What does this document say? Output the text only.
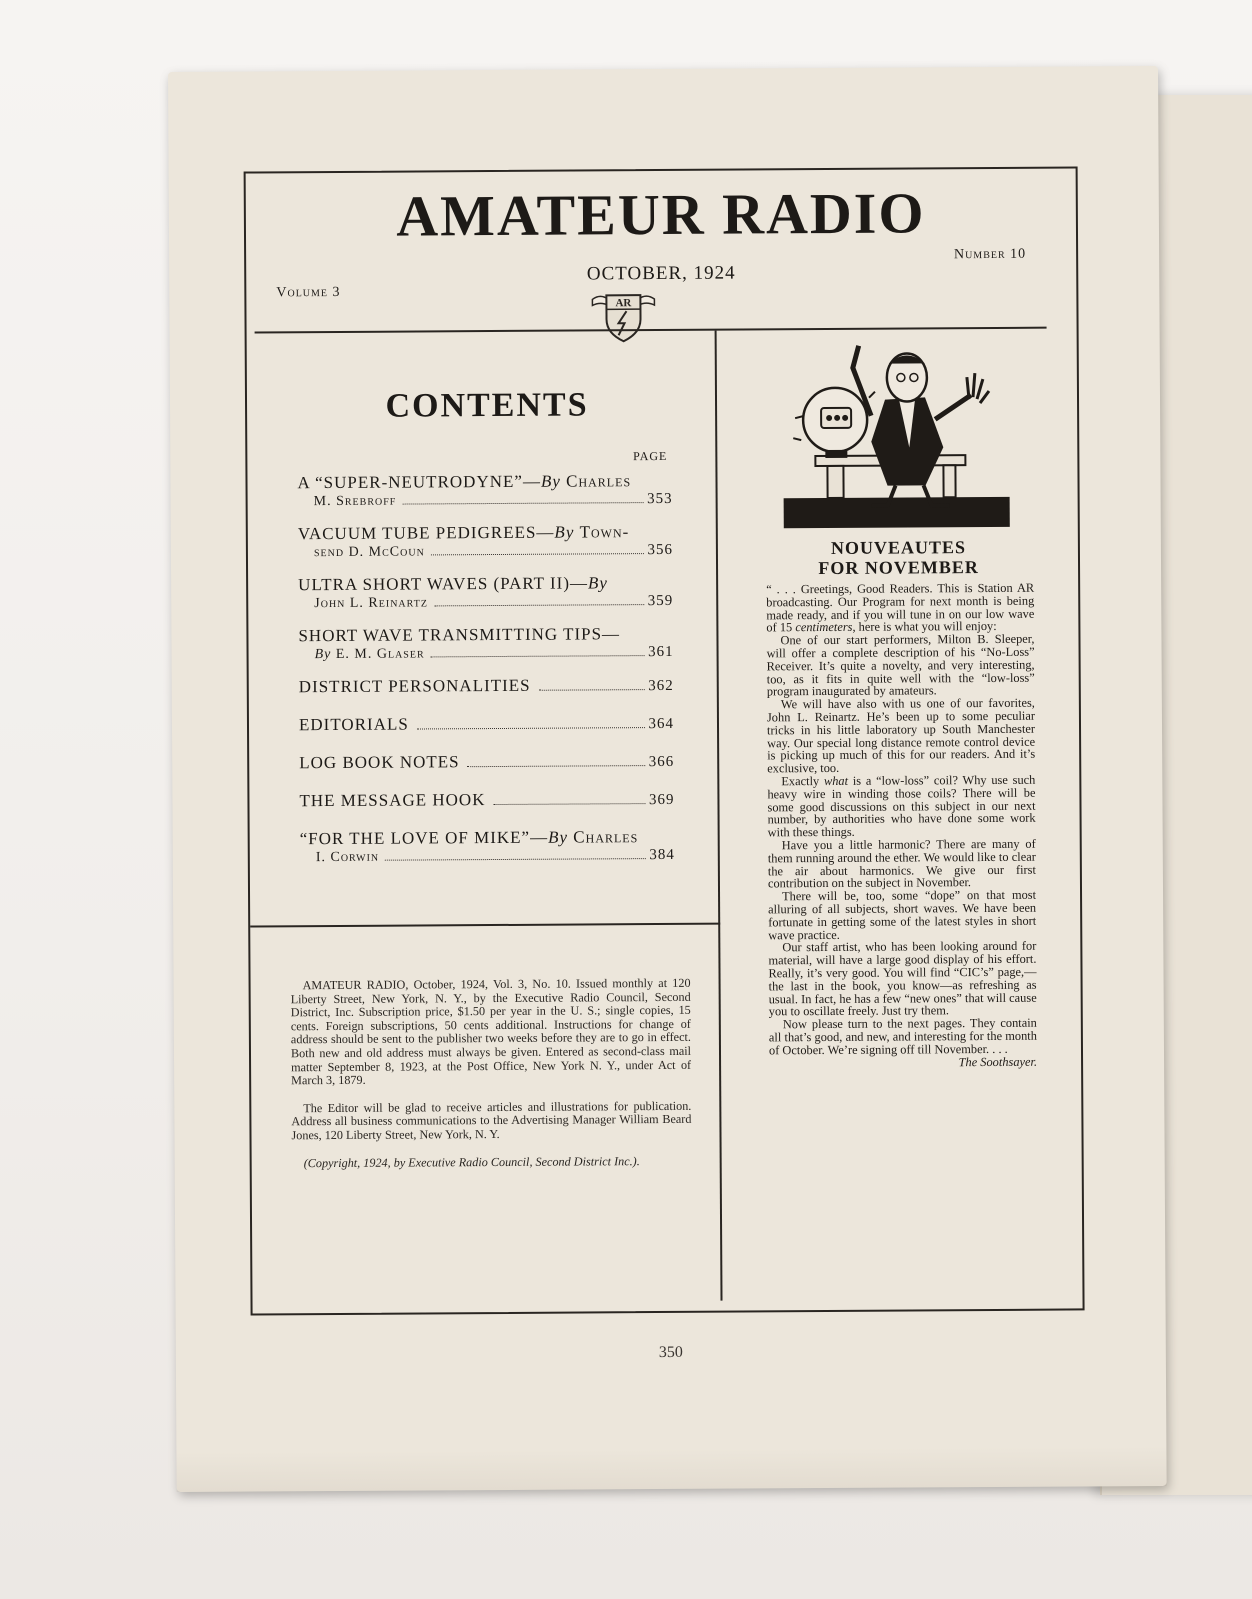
AMATEUR RADIO
Volume 3
Number 10
OCTOBER, 1924
AR
CONTENTS
PAGE
A “SUPER-NEUTRODYNE”—By Charles
M. Srebroff	353
VACUUM TUBE PEDIGREES—By Town-
send D. McCoun	356
ULTRA SHORT WAVES (PART II)—By
John L. Reinartz	359
SHORT WAVE TRANSMITTING TIPS—
By
E. M. Glaser	361
DISTRICT PERSONALITIES	362
EDITORIALS	364
LOG BOOK NOTES	366
THE MESSAGE HOOK	369
“FOR THE LOVE OF MIKE”—By Charles
I. Corwin	384

AMATEUR RADIO, October, 1924, Vol. 3, No. 10. Issued monthly at 120 Liberty Street, New York, N. Y., by the Executive Radio Council, Second District, Inc. Subscription price, $1.50 per year in the U. S.; single copies, 15 cents. Foreign subscriptions, 50 cents additional. Instructions for change of address should be sent to the publisher two weeks before they are to go in effect. Both new and old address must always be given. Entered as second-class mail matter September 8, 1923, at the Post Office, New York N. Y., under Act of March 3, 1879.

The Editor will be glad to receive articles and illustrations for publication. Address all business communications to the Advertising Manager William Beard Jones, 120 Liberty Street, New York, N. Y.

(Copyright, 1924, by Executive Radio Council, Second District Inc.).

NOUVEAUTES
FOR NOVEMBER

“ . . . Greetings, Good Readers. This is Station AR broadcasting. Our Program for next month is being made ready, and if you will tune in on our low wave of 15 centimeters, here is what you will enjoy:

One of our start performers, Milton B. Sleeper, will offer a complete description of his “No-Loss” Receiver. It’s quite a novelty, and very interesting, too, as it fits in quite well with the “low-loss” program inaugurated by amateurs.

We will have also with us one of our favorites, John L. Reinartz. He’s been up to some peculiar tricks in his little laboratory up South Manchester way. Our special long distance remote control device is picking up much of this for our readers. And it’s exclusive, too.

Exactly what is a “low-loss” coil? Why use such heavy wire in winding those coils? There will be some good discussions on this subject in our next number, by authorities who have done some work with these things.

Have you a little harmonic? There are many of them running around the ether. We would like to clear the air about harmonics. We give our first contribution on the subject in November.

There will be, too, some “dope” on that most alluring of all subjects, short waves. We have been fortunate in getting some of the latest styles in short wave practice.

Our staff artist, who has been looking around for material, will have a large good display of his effort. Really, it’s very good. You will find “CIC’s” page,—the last in the book, you know—as refreshing as usual. In fact, he has a few “new ones” that will cause you to oscillate freely. Just try them.

Now please turn to the next pages. They contain all that’s good, and new, and interesting for the month of October. We’re signing off till November. . . .

The Soothsayer.
350
